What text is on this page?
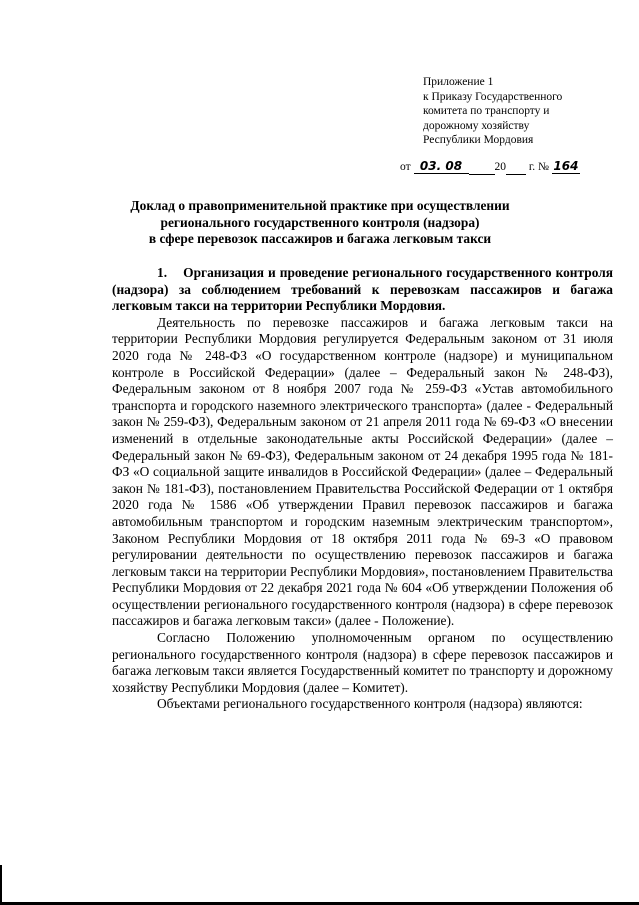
Приложение 1
к Приказу Государственного
комитета по транспорту и
дорожному хозяйству
Республики Мордовия
от 03. 08	20 г. № 164
Доклад о правоприменительной практике при осуществлении
регионального государственного контроля (надзора)
в сфере перевозок пассажиров и багажа легковым такси

1.    Организация и проведение регионального государственного контроля (надзора) за соблюдением требований к перевозкам пассажиров и багажа легковым такси на территории Республики Мордовия.

Деятельность по перевозке пассажиров и багажа легковым такси на территории Республики Мордовия регулируется Федеральным законом от 31 июля 2020 года № 248-ФЗ «О государственном контроле (надзоре) и муниципальном контроле в Российской Федерации» (далее – Федеральный закон № 248-ФЗ), Федеральным законом от 8 ноября 2007 года № 259-ФЗ «Устав автомобильного транспорта и городского наземного электрического транспорта» (далее - Федеральный закон № 259-ФЗ), Федеральным законом от 21 апреля 2011 года № 69-ФЗ «О внесении изменений в отдельные законодательные акты Российской Федерации» (далее – Федеральный закон № 69-ФЗ), Федеральным законом от 24 декабря 1995 года № 181-ФЗ «О социальной защите инвалидов в Российской Федерации» (далее – Федеральный закон № 181-ФЗ), постановлением Правительства Российской Федерации от 1 октября 2020 года № 1586 «Об утверждении Правил перевозок пассажиров и багажа автомобильным транспортом и городским наземным электрическим транспортом», Законом Республики Мордовия от 18 октября 2011 года № 69-З «О правовом регулировании деятельности по осуществлению перевозок пассажиров и багажа легковым такси на территории Республики Мордовия», постановлением Правительства Республики Мордовия от 22 декабря 2021 года № 604 «Об утверждении Положения об осуществлении регионального государственного контроля (надзора) в сфере перевозок пассажиров и багажа легковым такси» (далее - Положение).

Согласно Положению уполномоченным органом по осуществлению регионального государственного контроля (надзора) в сфере перевозок пассажиров и багажа легковым такси является Государственный комитет по транспорту и дорожному хозяйству Республики Мордовия (далее – Комитет).

Объектами регионального государственного контроля (надзора) являются:
